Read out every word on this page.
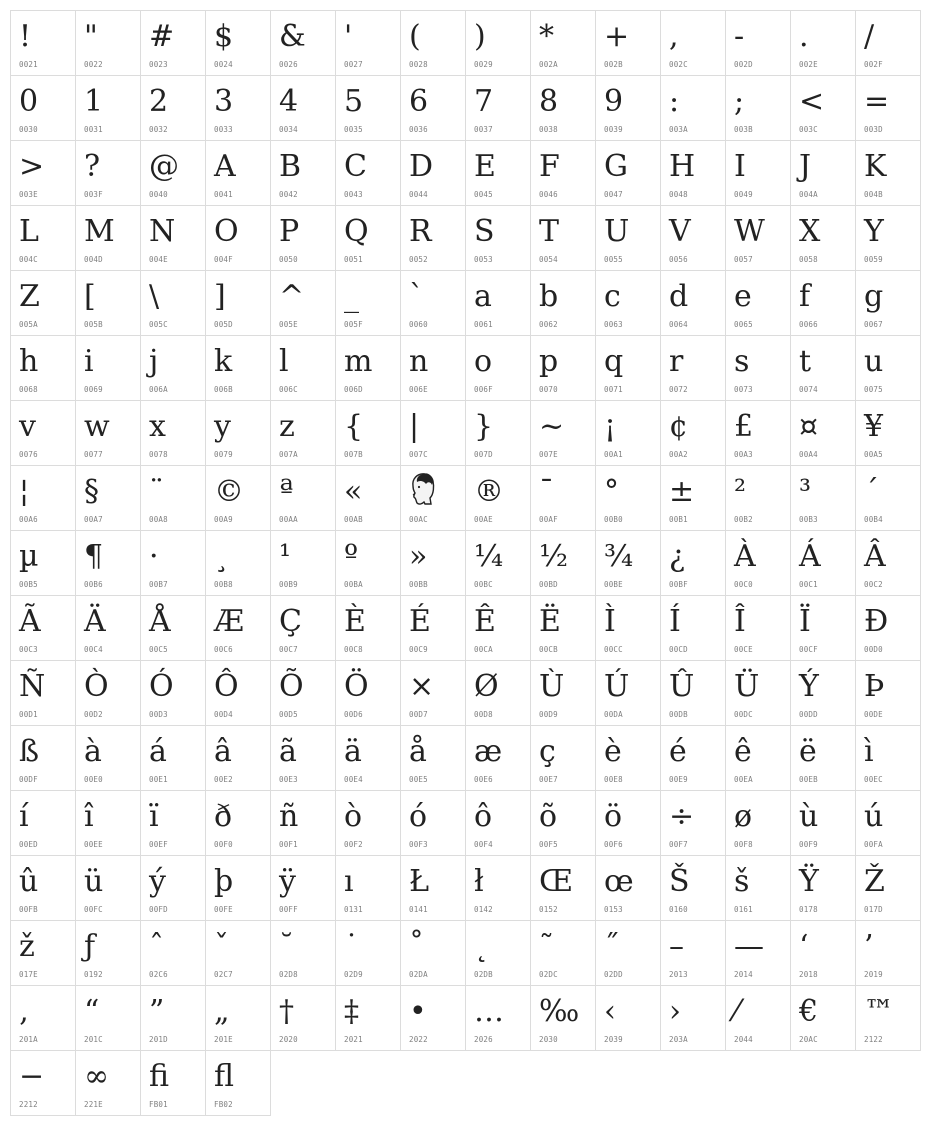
!
0021
"
0022
#
0023
$
0024
&
0026
'
0027
(
0028
)
0029
*
002A
+
002B
,
002C
-
002D
.
002E
/
002F
0
0030
1
0031
2
0032
3
0033
4
0034
5
0035
6
0036
7
0037
8
0038
9
0039
:
003A
;
003B
<
003C
=
003D
>
003E
?
003F
@
0040
A
0041
B
0042
C
0043
D
0044
E
0045
F
0046
G
0047
H
0048
I
0049
J
004A
K
004B
L
004C
M
004D
N
004E
O
004F
P
0050
Q
0051
R
0052
S
0053
T
0054
U
0055
V
0056
W
0057
X
0058
Y
0059
Z
005A
[
005B
\
005C
]
005D
^
005E
_
005F
`
0060
a
0061
b
0062
c
0063
d
0064
e
0065
f
0066
g
0067
h
0068
i
0069
j
006A
k
006B
l
006C
m
006D
n
006E
o
006F
p
0070
q
0071
r
0072
s
0073
t
0074
u
0075
v
0076
w
0077
x
0078
y
0079
z
007A
{
007B
|
007C
}
007D
~
007E
¡
00A1
¢
00A2
£
00A3
¤
00A4
¥
00A5
¦
00A6
§
00A7
¨
00A8
©
00A9
ª
00AA
«
00AB	00AC
®
00AE
¯
00AF
°
00B0
±
00B1
²
00B2
³
00B3
´
00B4
µ
00B5
¶
00B6
·
00B7
¸
00B8
¹
00B9
º
00BA
»
00BB
¼
00BC
½
00BD
¾
00BE
¿
00BF
À
00C0
Á
00C1
Â
00C2
Ã
00C3
Ä
00C4
Å
00C5
Æ
00C6
Ç
00C7
È
00C8
É
00C9
Ê
00CA
Ë
00CB
Ì
00CC
Í
00CD
Î
00CE
Ï
00CF
Ð
00D0
Ñ
00D1
Ò
00D2
Ó
00D3
Ô
00D4
Õ
00D5
Ö
00D6
×
00D7
Ø
00D8
Ù
00D9
Ú
00DA
Û
00DB
Ü
00DC
Ý
00DD
Þ
00DE
ß
00DF
à
00E0
á
00E1
â
00E2
ã
00E3
ä
00E4
å
00E5
æ
00E6
ç
00E7
è
00E8
é
00E9
ê
00EA
ë
00EB
ì
00EC
í
00ED
î
00EE
ï
00EF
ð
00F0
ñ
00F1
ò
00F2
ó
00F3
ô
00F4
õ
00F5
ö
00F6
÷
00F7
ø
00F8
ù
00F9
ú
00FA
û
00FB
ü
00FC
ý
00FD
þ
00FE
ÿ
00FF
ı
0131
Ł
0141
ł
0142
Œ
0152
œ
0153
Š
0160
š
0161
Ÿ
0178
Ž
017D
ž
017E
ƒ
0192
ˆ
02C6
ˇ
02C7
˘
02D8
˙
02D9
˚
02DA
˛
02DB
˜
02DC
˝
02DD
–
2013
—
2014
‘
2018
’
2019
‚
201A
“
201C
”
201D
„
201E
†
2020
‡
2021
•
2022
…
2026
‰
2030
‹
2039
›
203A
⁄
2044
€
20AC
™
2122
−
2212
∞
221E
ﬁ
FB01
ﬂ
FB02
